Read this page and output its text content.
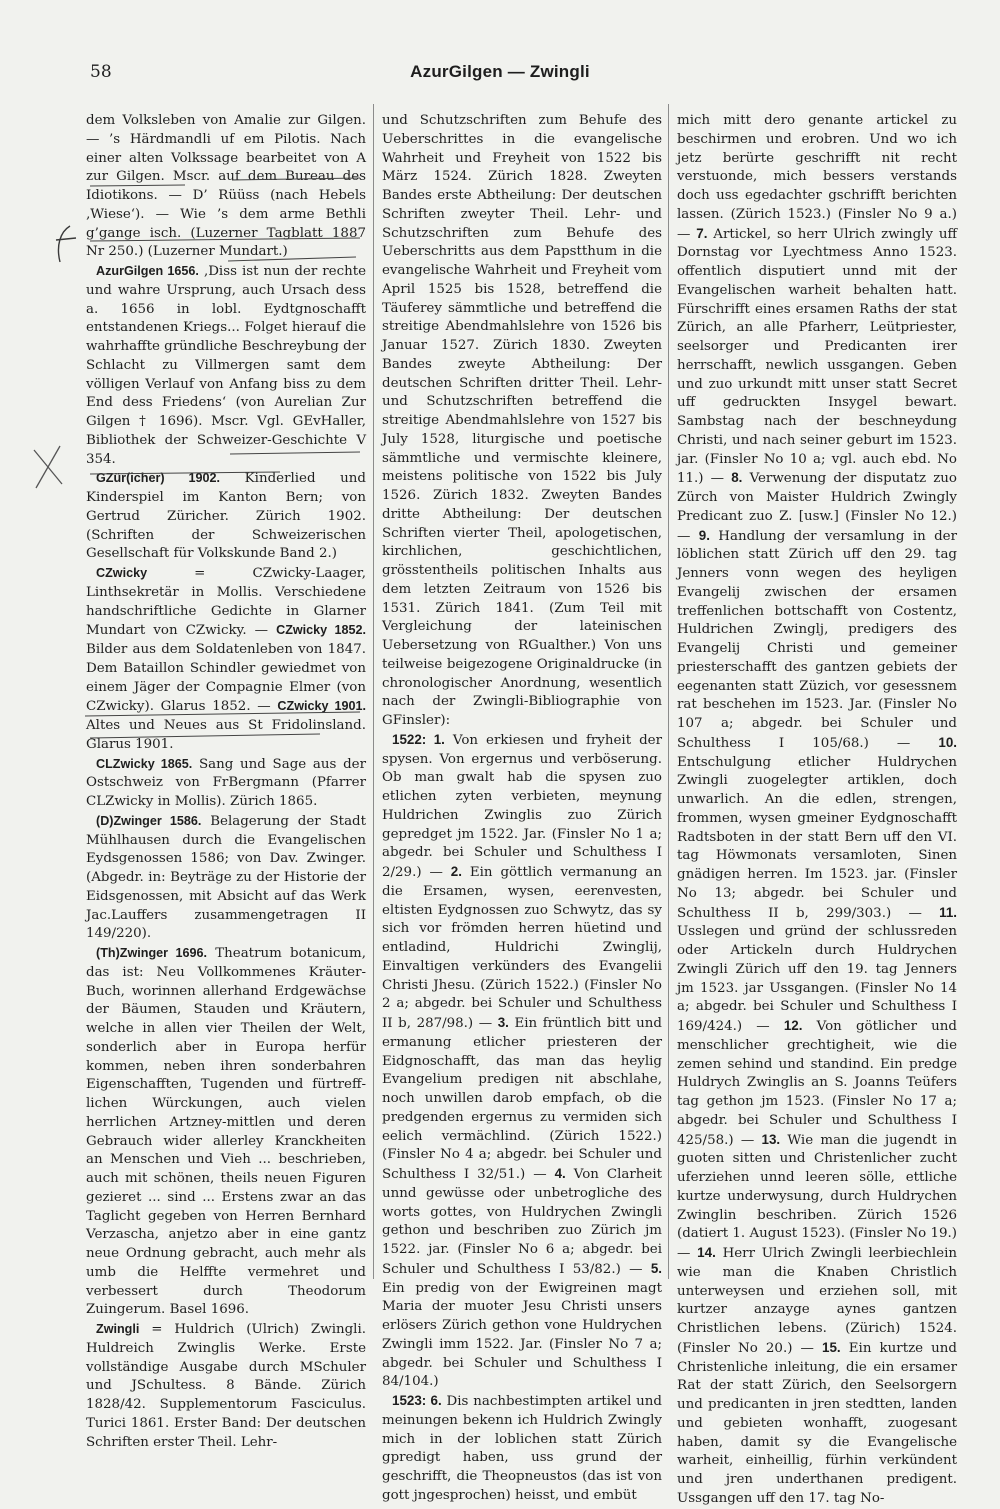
58	AzurGilgen — Zwingli

dem Volksleben von Amalie zur Gilgen. — ’s Härdmandli uf em Pilotis. Nach einer alten Volkssage bearbeitet von A zur Gilgen. Mscr. auf dem Bureau des Idiotikons. — D’ Rüüss (nach Hebels ‚Wiese‘). — Wie ’s dem arme Bethli g’gange isch. (Luzerner Tagblatt 1887 Nr 250.) (Luzerner Mundart.)

AzurGilgen 1656. ‚Diss ist nun der rechte und wahre Ursprung, auch Ursach dess a. 1656 in lobl. Eydtgnoschafft entstandenen Kriegs... Folget hierauf die wahrhaffte gründliche Beschreybung der Schlacht zu Villmergen samt dem völligen Verlauf von Anfang biss zu dem End dess Friedens‘ (von Aurelian Zur Gilgen † 1696). Mscr. Vgl. GEvHaller, Bibliothek der Schweizer-Geschichte V 354.

GZür(icher) 1902. Kinderlied und Kinderspiel im Kanton Bern; von Gertrud Züricher. Zürich 1902. (Schriften der Schweizerischen Gesellschaft für Volkskunde Band 2.)

CZwicky = CZwicky-Laager, Linthsekretär in Mollis. Verschiedene handschriftliche Gedichte in Glarner Mundart von CZwicky. — CZwicky 1852. Bilder aus dem Soldatenleben von 1847. Dem Bataillon Schindler gewiedmet von einem Jäger der Compagnie Elmer (von CZwicky). Glarus 1852. — CZwicky 1901. Altes und Neues aus St Fridolinsland. Glarus 1901.

CLZwicky 1865. Sang und Sage aus der Ostschweiz von FrBergmann (Pfarrer CLZwicky in Mollis). Zürich 1865.

(D)Zwinger 1586. Belagerung der Stadt Mühlhausen durch die Evangelischen Eydsgenossen 1586; von Dav. Zwinger. (Abgedr. in: Beyträge zu der Historie der Eidsgenossen, mit Absicht auf das Werk Jac.Lauffers zusammengetragen II 149/220).

(Th)Zwinger 1696. Theatrum botanicum, das ist: Neu Vollkommenes Kräuter-Buch, worinnen allerhand Erdgewächse der Bäumen, Stauden und Kräutern, welche in allen vier Theilen der Welt, sonderlich aber in Europa herfür kommen, neben ihren sonderbahren Eigenschafften, Tugenden und fürtrefflichen Würckungen, auch vielen herrlichen Artzney-mittlen und deren Gebrauch wider allerley Kranckheiten an Menschen und Vieh ... beschrieben, auch mit schönen, theils neuen Figuren gezieret ... sind ... Erstens zwar an das Taglicht gegeben von Herren Bernhard Verzascha, anjetzo aber in eine gantz neue Ordnung gebracht, auch mehr als umb die Helffte vermehret und verbessert durch Theodorum Zuingerum. Basel 1696.

Zwingli = Huldrich (Ulrich) Zwingli. Huldreich Zwinglis Werke. Erste vollständige Ausgabe durch MSchuler und JSchultess. 8 Bände. Zürich 1828/42. Supplementorum Fasciculus. Turici 1861. Erster Band: Der deutschen Schriften erster Theil. Lehr-

und Schutzschriften zum Behufe des Ueberschrittes in die evangelische Wahrheit und Freyheit von 1522 bis März 1524. Zürich 1828. Zweyten Bandes erste Abtheilung: Der deutschen Schriften zweyter Theil. Lehr- und Schutzschriften zum Behufe des Ueberschritts aus dem Papstthum in die evangelische Wahrheit und Freyheit vom April 1525 bis 1528, betreffend die Täuferey sämmtliche und betreffend die streitige Abendmahlslehre von 1526 bis Januar 1527. Zürich 1830. Zweyten Bandes zweyte Abtheilung: Der deutschen Schriften dritter Theil. Lehr- und Schutzschriften betreffend die streitige Abendmahlslehre von 1527 bis July 1528, liturgische und poetische sämmtliche und vermischte kleinere, meistens politische von 1522 bis July 1526. Zürich 1832. Zweyten Bandes dritte Abtheilung: Der deutschen Schriften vierter Theil, apologetischen, kirchlichen, geschichtlichen, grösstentheils politischen Inhalts aus dem letzten Zeitraum von 1526 bis 1531. Zürich 1841. (Zum Teil mit Vergleichung der lateinischen Uebersetzung von RGualther.) Von uns teilweise beigezogene Originaldrucke (in chronologischer Anordnung, wesentlich nach der Zwingli-Bibliographie von GFinsler):

1522: 1. Von erkiesen und fryheit der spysen. Von ergernus und verböserung. Ob man gwalt hab die spysen zuo etlichen zyten verbieten, meynung Huldrichen Zwinglis zuo Zürich gepredget jm 1522. Jar. (Finsler No 1 a; abgedr. bei Schuler und Schulthess I 2/29.) — 2. Ein göttlich vermanung an die Ersamen, wysen, eerenvesten, eltisten Eydgnossen zuo Schwytz, das sy sich vor frömden herren hüetind und entladind, Huldrichi Zwinglij, Einvaltigen verkünders des Evangelii Christi Jhesu. (Zürich 1522.) (Finsler No 2 a; abgedr. bei Schuler und Schulthess II b, 287/98.) — 3. Ein früntlich bitt und ermanung etlicher priesteren der Eidgnoschafft, das man das heylig Evangelium predigen nit abschlahe, noch unwillen darob empfach, ob die predgenden ergernus zu vermiden sich eelich vermächlind. (Zürich 1522.) (Finsler No 4 a; abgedr. bei Schuler und Schulthess I 32/51.) — 4. Von Clarheit unnd gewüsse oder unbetrogliche des worts gottes, von Huldrychen Zwingli gethon und beschriben zuo Zürich jm 1522. jar. (Finsler No 6 a; abgedr. bei Schuler und Schulthess I 53/82.) — 5. Ein predig von der Ewigreinen magt Maria der muoter Jesu Christi unsers erlösers Zürich gethon vone Huldrychen Zwingli imm 1522. Jar. (Finsler No 7 a; abgedr. bei Schuler und Schulthess I 84/104.)

1523: 6. Dis nachbestimpten artikel und meinungen bekenn ich Huldrich Zwingly mich in der loblichen statt Zürich gpredigt haben, uss grund der geschrifft, die Theopneustos (das ist von gott jngesprochen) heisst, und embüt

mich mitt dero genante artickel zu beschirmen und erobren. Und wo ich jetz berürte geschrifft nit recht verstuonde, mich bessers verstands doch uss egedachter gschrifft berichten lassen. (Zürich 1523.) (Finsler No 9 a.) — 7. Artickel, so herr Ulrich zwingly uff Dornstag vor Lyechtmess Anno 1523. offentlich disputiert unnd mit der Evangelischen warheit behalten hatt. Fürschrifft eines ersamen Raths der stat Zürich, an alle Pfarherr, Leütpriester, seelsorger und Predicanten irer herrschafft, newlich ussgangen. Geben und zuo urkundt mitt unser statt Secret uff gedruckten Insygel bewart. Sambstag nach der beschneydung Christi, und nach seiner geburt im 1523. jar. (Finsler No 10 a; vgl. auch ebd. No 11.) — 8. Verwenung der disputatz zuo Zürch von Maister Huldrich Zwingly Predicant zuo Z. [usw.] (Finsler No 12.) — 9. Handlung der versamlung in der löblichen statt Zürich uff den 29. tag Jenners vonn wegen des heyligen Evangelij zwischen der ersamen treffenlichen bottschafft von Costentz, Huldrichen Zwinglj, predigers des Evangelij Christi und gemeiner priesterschafft des gantzen gebiets der eegenanten statt Züzich, vor gesessnem rat beschehen im 1523. Jar. (Finsler No 107 a; abgedr. bei Schuler und Schulthess I 105/68.) — 10. Entschulgung etlicher Huldrychen Zwingli zuogelegter artiklen, doch unwarlich. An die edlen, strengen, frommen, wysen gmeiner Eydgnoschafft Radtsboten in der statt Bern uff den VI. tag Höwmonats versamloten, Sinen gnädigen herren. Im 1523. jar. (Finsler No 13; abgedr. bei Schuler und Schulthess II b, 299/303.) — 11. Usslegen und gründ der schlussreden oder Artickeln durch Huldrychen Zwingli Zürich uff den 19. tag Jenners jm 1523. jar Ussgangen. (Finsler No 14 a; abgedr. bei Schuler und Schulthess I 169/424.) — 12. Von götlicher und menschlicher grechtigheit, wie die zemen sehind und standind. Ein predge Huldrych Zwinglis an S. Joanns Teüfers tag gethon jm 1523. (Finsler No 17 a; abgedr. bei Schuler und Schulthess I 425/58.) — 13. Wie man die jugendt in guoten sitten und Christenlicher zucht uferziehen unnd leeren sölle, ettliche kurtze underwysung, durch Huldrychen Zwinglin beschriben. Zürich 1526 (datiert 1. August 1523). (Finsler No 19.) — 14. Herr Ulrich Zwingli leerbiechlein wie man die Knaben Christlich unterweysen und erziehen soll, mit kurtzer anzayge aynes gantzen Christlichen lebens. (Zürich) 1524. (Finsler No 20.) — 15. Ein kurtze und Christenliche inleitung, die ein ersamer Rat der statt Zürich, den Seelsorgern und predicanten in jren stedtten, landen und gebieten wonhafft, zuogesant haben, damit sy die Evangelische warheit, einheillig, fürhin verkündent und jren underthanen predigent. Ussgangen uff den 17. tag No-
